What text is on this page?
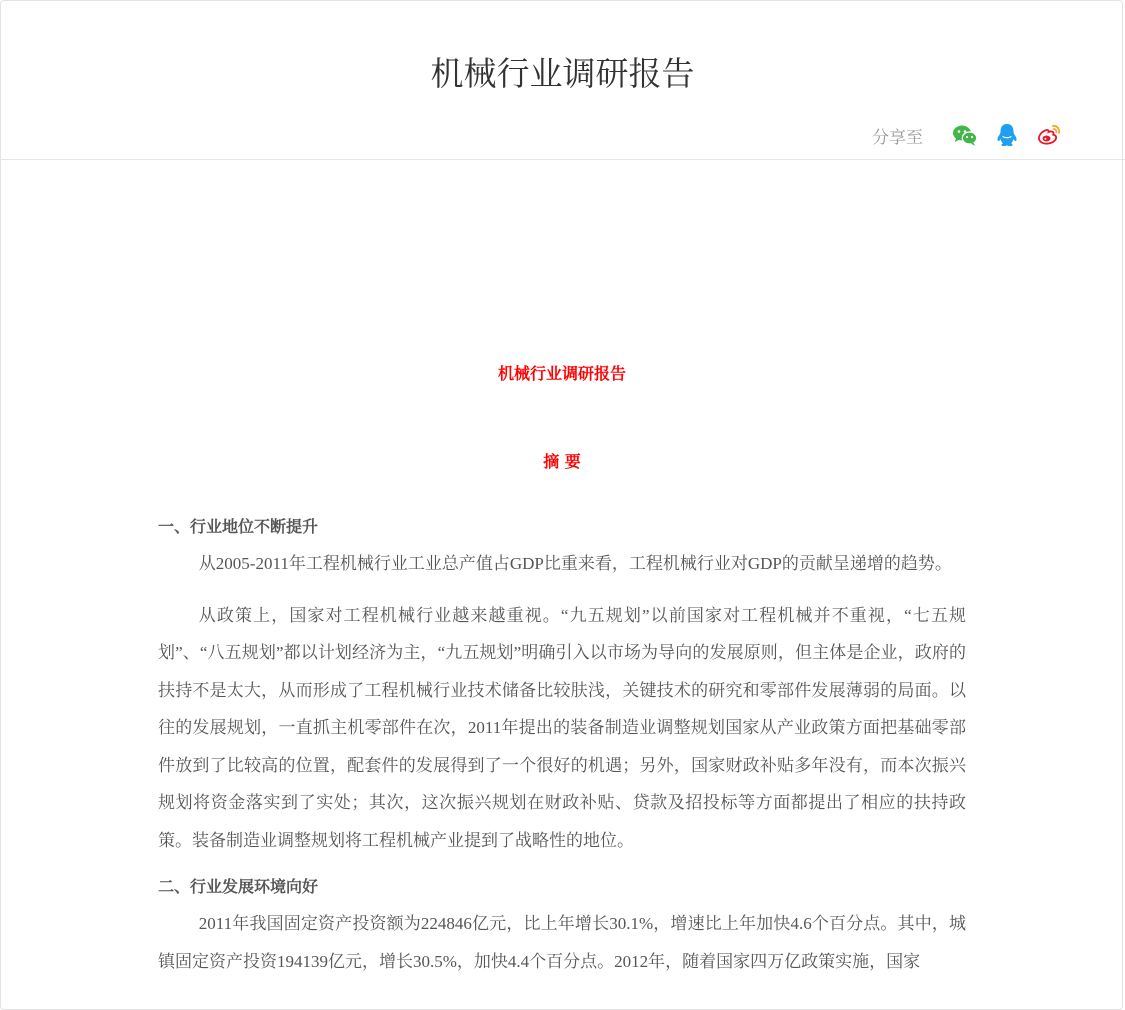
机械行业调研报告
分享至
机械行业调研报告
摘 要
一、行业地位不断提升

从2005-2011年工程机械行业工业总产值占GDP比重来看，工程机械行业对GDP的贡献呈递增的趋势。

从政策上，国家对工程机械行业越来越重视。“九五规划”以前国家对工程机械并不重视，“七五规划”、“八五规划”都以计划经济为主，“九五规划”明确引入以市场为导向的发展原则，但主体是企业，政府的扶持不是太大，从而形成了工程机械行业技术储备比较肤浅，关键技术的研究和零部件发展薄弱的局面。以往的发展规划，一直抓主机零部件在次，2011年提出的装备制造业调整规划国家从产业政策方面把基础零部件放到了比较高的位置，配套件的发展得到了一个很好的机遇；另外，国家财政补贴多年没有，而本次振兴规划将资金落实到了实处；其次，这次振兴规划在财政补贴、贷款及招投标等方面都提出了相应的扶持政策。装备制造业调整规划将工程机械产业提到了战略性的地位。

二、行业发展环境向好

2011年我国固定资产投资额为224846亿元，比上年增长30.1%，增速比上年加快4.6个百分点。其中，城镇固定资产投资194139亿元，增长30.5%，加快4.4个百分点。2012年，随着国家四万亿政策实施，国家
